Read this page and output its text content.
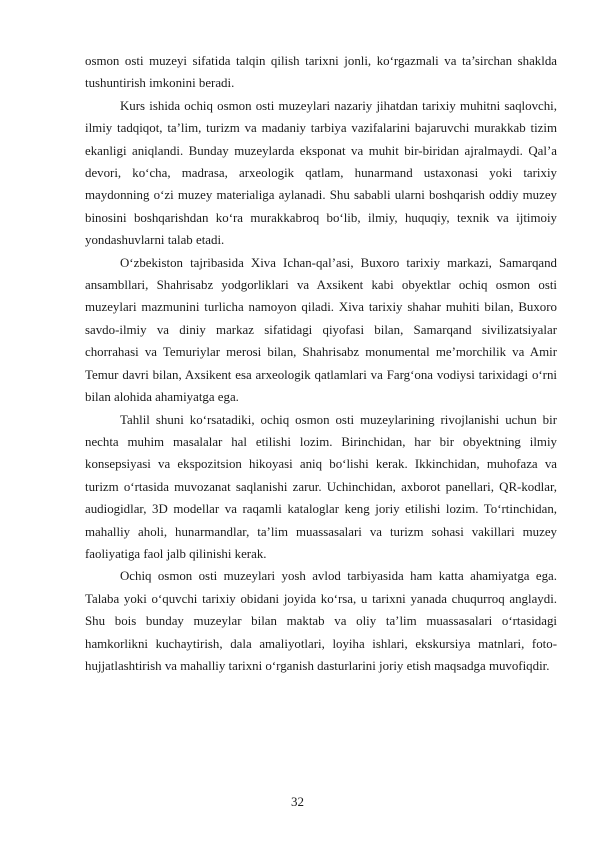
osmon osti muzeyi sifatida talqin qilish tarixni jonli, ko‘rgazmali va ta’sirchan shaklda tushuntirish imkonini beradi.

Kurs ishida ochiq osmon osti muzeylari nazariy jihatdan tarixiy muhitni saqlovchi, ilmiy tadqiqot, ta’lim, turizm va madaniy tarbiya vazifalarini bajaruvchi murakkab tizim ekanligi aniqlandi. Bunday muzeylarda eksponat va muhit bir-biridan ajralmaydi. Qal’a devori, ko‘cha, madrasa, arxeologik qatlam, hunarmand ustaxonasi yoki tarixiy maydonning o‘zi muzey materialiga aylanadi. Shu sababli ularni boshqarish oddiy muzey binosini boshqarishdan ko‘ra murakkabroq bo‘lib, ilmiy, huquqiy, texnik va ijtimoiy yondashuvlarni talab etadi.

O‘zbekiston tajribasida Xiva Ichan-qal’asi, Buxoro tarixiy markazi, Samarqand ansambllari, Shahrisabz yodgorliklari va Axsikent kabi obyektlar ochiq osmon osti muzeylari mazmunini turlicha namoyon qiladi. Xiva tarixiy shahar muhiti bilan, Buxoro savdo-ilmiy va diniy markaz sifatidagi qiyofasi bilan, Samarqand sivilizatsiyalar chorrahasi va Temuriylar merosi bilan, Shahrisabz monumental me’morchilik va Amir Temur davri bilan, Axsikent esa arxeologik qatlamlari va Farg‘ona vodiysi tarixidagi o‘rni bilan alohida ahamiyatga ega.

Tahlil shuni ko‘rsatadiki, ochiq osmon osti muzeylarining rivojlanishi uchun bir nechta muhim masalalar hal etilishi lozim. Birinchidan, har bir obyektning ilmiy konsepsiyasi va ekspozitsion hikoyasi aniq bo‘lishi kerak. Ikkinchidan, muhofaza va turizm o‘rtasida muvozanat saqlanishi zarur. Uchinchidan, axborot panellari, QR-kodlar, audiogidlar, 3D modellar va raqamli kataloglar keng joriy etilishi lozim. To‘rtinchidan, mahalliy aholi, hunarmandlar, ta’lim muassasalari va turizm sohasi vakillari muzey faoliyatiga faol jalb qilinishi kerak.

Ochiq osmon osti muzeylari yosh avlod tarbiyasida ham katta ahamiyatga ega. Talaba yoki o‘quvchi tarixiy obidani joyida ko‘rsa, u tarixni yanada chuqurroq anglaydi. Shu bois bunday muzeylar bilan maktab va oliy ta’lim muassasalari o‘rtasidagi hamkorlikni kuchaytirish, dala amaliyotlari, loyiha ishlari, ekskursiya matnlari, foto-hujjatlashtirish va mahalliy tarixni o‘rganish dasturlarini joriy etish maqsadga muvofiqdir.

32
